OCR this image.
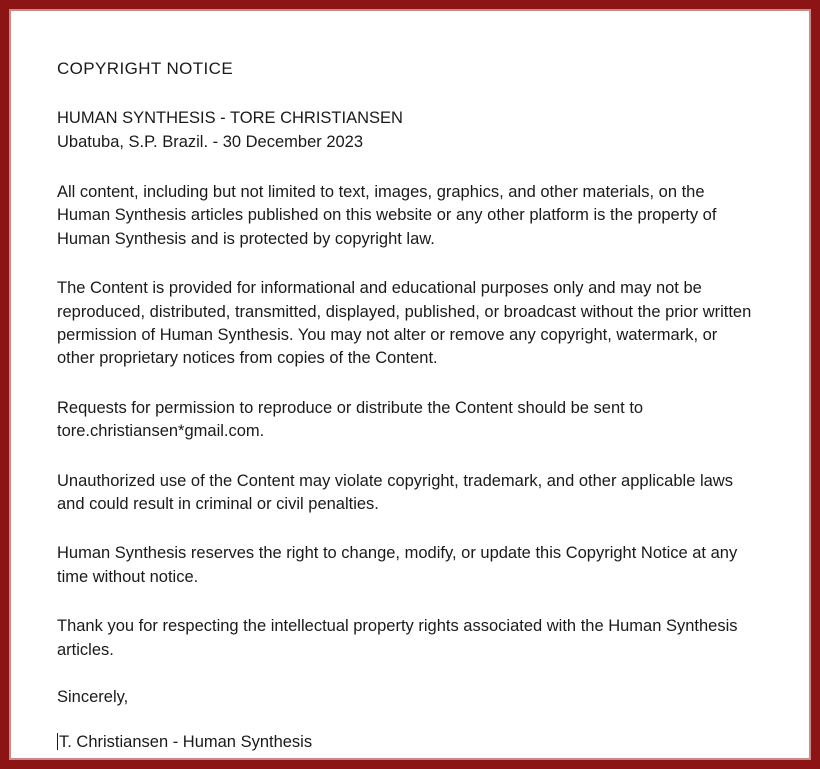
COPYRIGHT NOTICE
HUMAN SYNTHESIS - TORE CHRISTIANSEN
Ubatuba, S.P. Brazil. - 30 December 2023

All content, including but not limited to text, images, graphics, and other materials, on the Human Synthesis articles published on this website or any other platform is the property of Human Synthesis and is protected by copyright law.

The Content is provided for informational and educational purposes only and may not be reproduced, distributed, transmitted, displayed, published, or broadcast without the prior written permission of Human Synthesis. You may not alter or remove any copyright, watermark, or other proprietary notices from copies of the Content.

Requests for permission to reproduce or distribute the Content should be sent to tore.christiansen*gmail.com.

Unauthorized use of the Content may violate copyright, trademark, and other applicable laws and could result in criminal or civil penalties.

Human Synthesis reserves the right to change, modify, or update this Copyright Notice at any time without notice.

Thank you for respecting the intellectual property rights associated with the Human Synthesis articles.

Sincerely,
T. Christiansen - Human Synthesis
